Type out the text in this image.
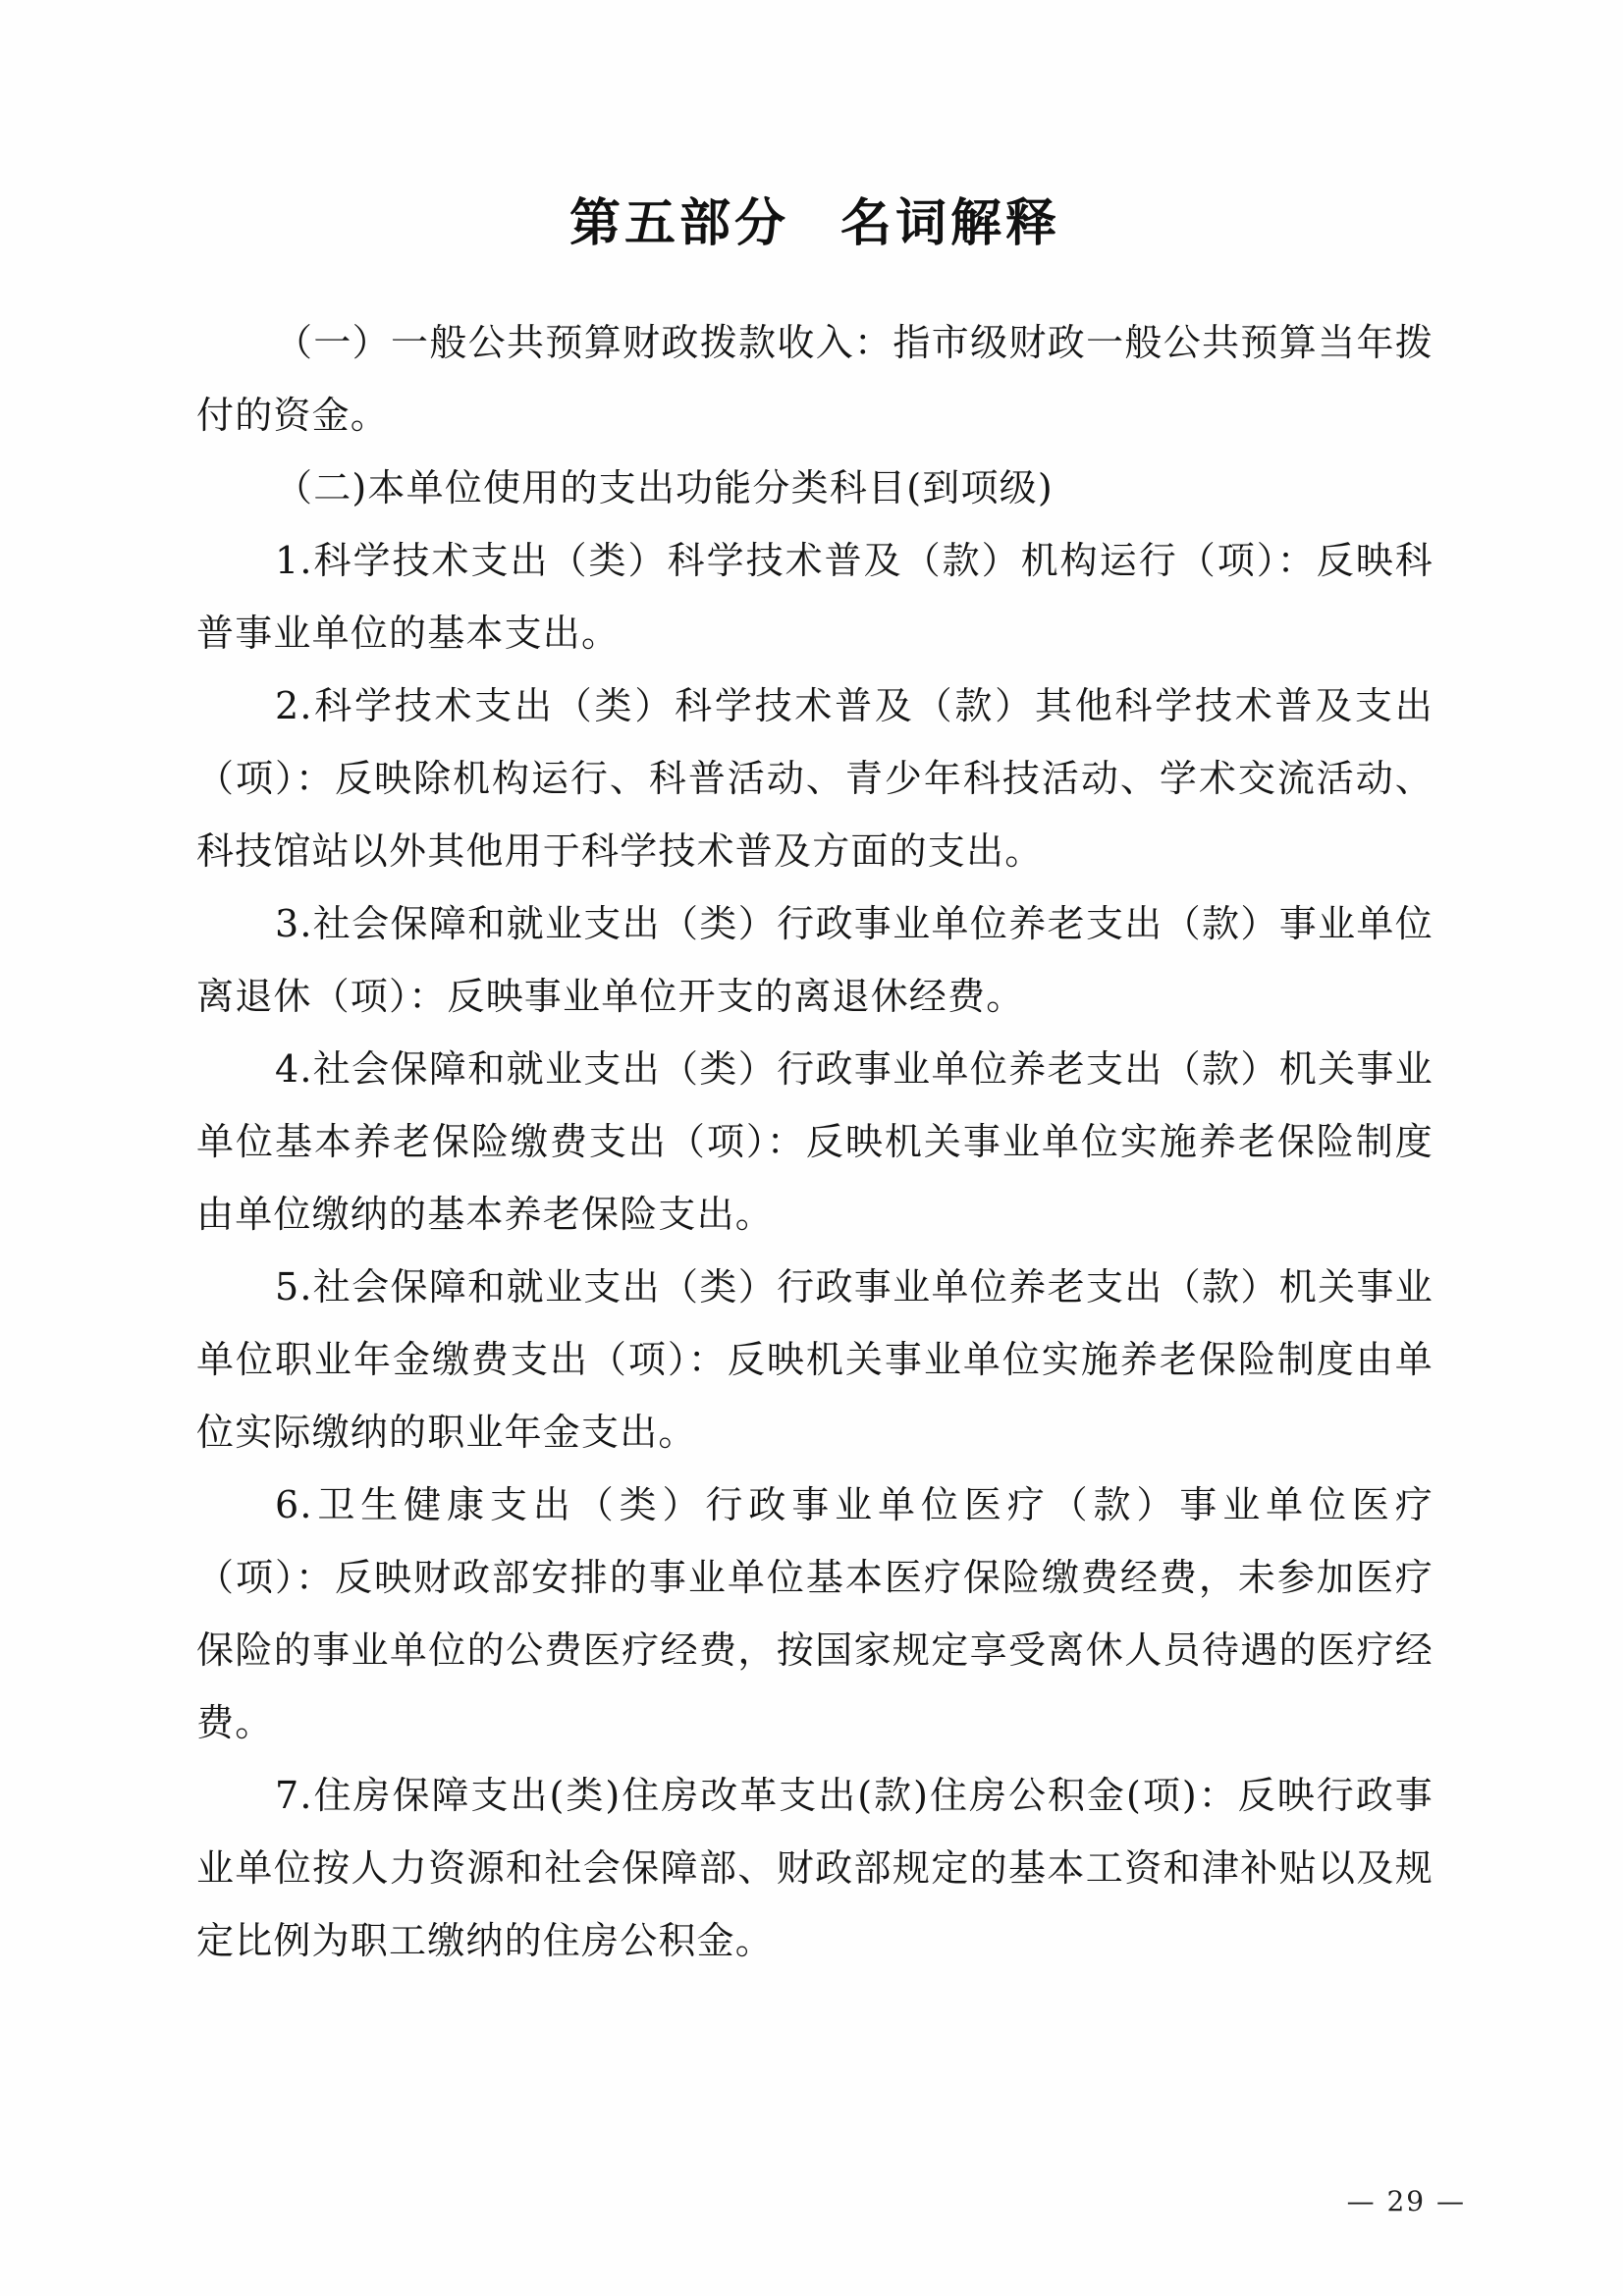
第五部分 名词解释

（一）一般公共预算财政拨款收入：指市级财政一般公共预算当年拨付的资金。

（二)本单位使用的支出功能分类科目(到项级)

1.科学技术支出（类）科学技术普及（款）机构运行（项）：反映科普事业单位的基本支出。

2.科学技术支出（类）科学技术普及（款）其他科学技术普及支出（项）：反映除机构运行、科普活动、青少年科技活动、学术交流活动、科技馆站以外其他用于科学技术普及方面的支出。

3.社会保障和就业支出（类）行政事业单位养老支出（款）事业单位离退休（项）：反映事业单位开支的离退休经费。

4.社会保障和就业支出（类）行政事业单位养老支出（款）机关事业单位基本养老保险缴费支出（项）：反映机关事业单位实施养老保险制度由单位缴纳的基本养老保险支出。

5.社会保障和就业支出（类）行政事业单位养老支出（款）机关事业单位职业年金缴费支出（项）：反映机关事业单位实施养老保险制度由单位实际缴纳的职业年金支出。

6.卫生健康支出（类）行政事业单位医疗（款）事业单位医疗（项）：反映财政部安排的事业单位基本医疗保险缴费经费，未参加医疗保险的事业单位的公费医疗经费，按国家规定享受离休人员待遇的医疗经费。

7.住房保障支出(类)住房改革支出(款)住房公积金(项)：反映行政事业单位按人力资源和社会保障部、财政部规定的基本工资和津补贴以及规定比例为职工缴纳的住房公积金。

— 29 —
